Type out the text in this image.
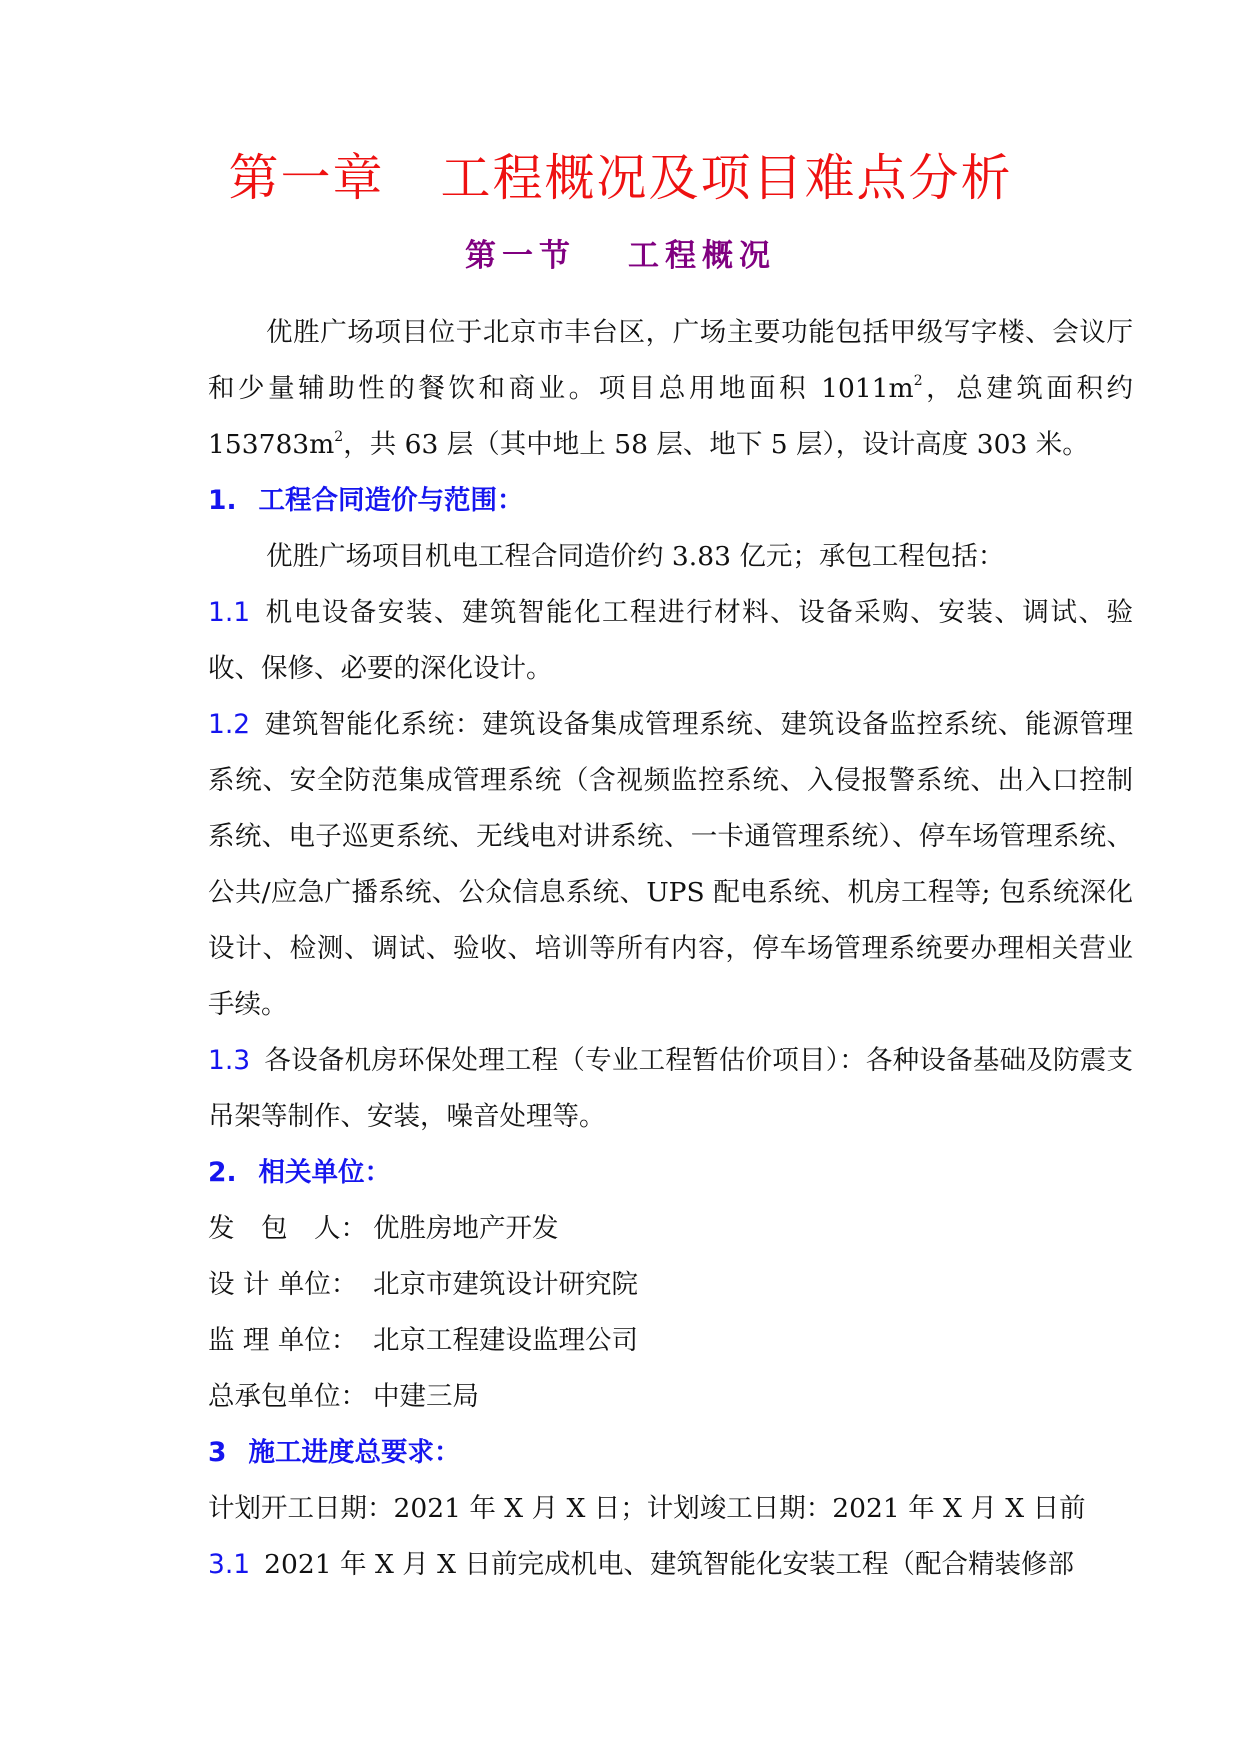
第一章 工程概况及项目难点分析
第一节 工程概况

优胜广场项目位于北京市丰台区，广场主要功能包括甲级写字楼、会议厅和少量辅助性的餐饮和商业。项目总用地面积 $1011m^2$，总建筑面积约 $153783m^2$，共 63 层（其中地上 58 层、地下 5 层），设计高度 303 米。

1. 工程合同造价与范围：

优胜广场项目机电工程合同造价约 3.83 亿元；承包工程包括：

1.1 机电设备安装、建筑智能化工程进行材料、设备采购、安装、调试、验收、保修、必要的深化设计。

1.2 建筑智能化系统：建筑设备集成管理系统、建筑设备监控系统、能源管理系统、安全防范集成管理系统（含视频监控系统、入侵报警系统、出入口控制系统、电子巡更系统、无线电对讲系统、一卡通管理系统）、停车场管理系统、公共/应急广播系统、公众信息系统、UPS 配电系统、机房工程等; 包系统深化设计、检测、调试、验收、培训等所有内容，停车场管理系统要办理相关营业手续。

1.3 各设备机房环保处理工程（专业工程暂估价项目）：各种设备基础及防震支吊架等制作、安装，噪音处理等。

2. 相关单位：

发　包　人： 优胜房地产开发
设 计 单位： 北京市建筑设计研究院
监 理 单位： 北京工程建设监理公司
总承包单位： 中建三局

3 施工进度总要求：

计划开工日期：2021 年 X 月 X 日；计划竣工日期：2021 年 X 月 X 日前

3.1 2021 年 X 月 X 日前完成机电、建筑智能化安装工程（配合精装修部
